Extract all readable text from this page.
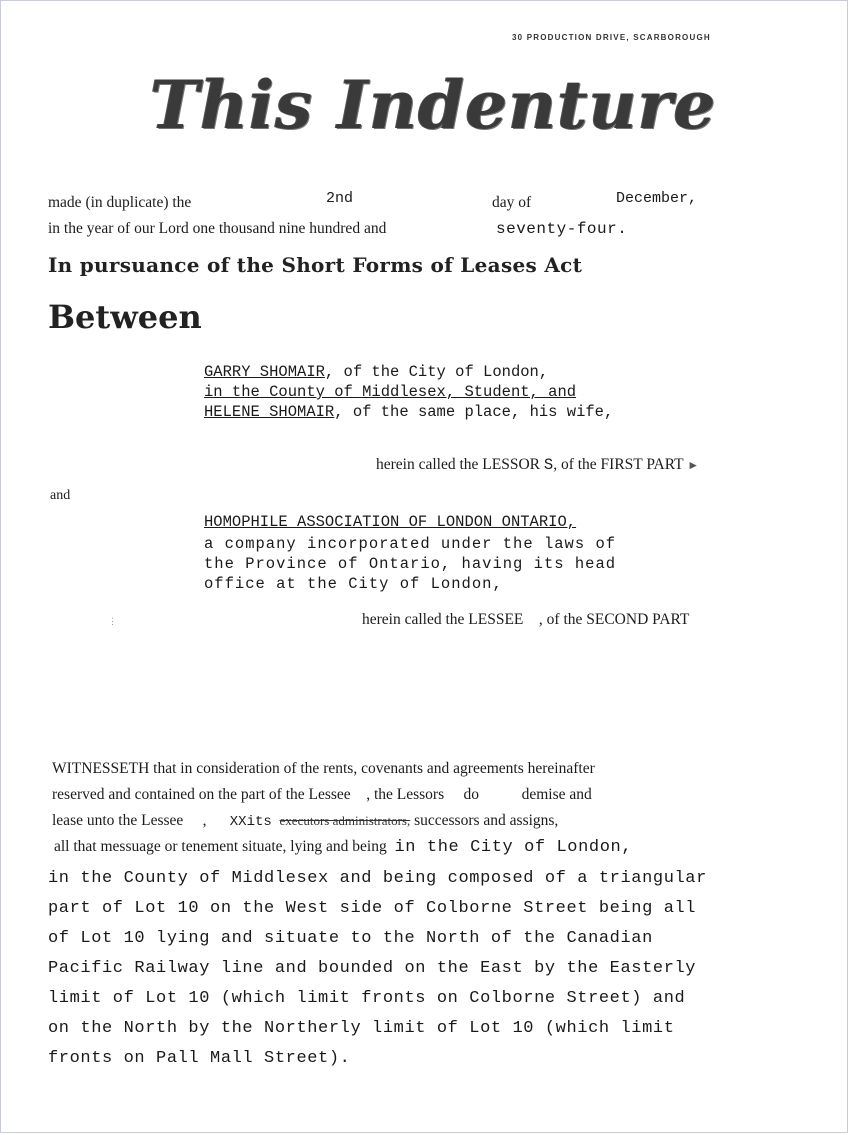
30 PRODUCTION DRIVE, SCARBOROUGH
This Indenture
made (in duplicate) the	2nd	day of	December,
in the year of our Lord one thousand nine hundred and	seventy-four.
In pursuance of the Short Forms of Leases Act
Between
GARRY SHOMAIR, of the City of London,
in the County of Middlesex, Student, and
HELENE SHOMAIR, of the same place, his wife,
herein called the LESSOR S, of the FIRST PART ►
and
HOMOPHILE ASSOCIATION OF LONDON ONTARIO,
a company incorporated under the laws of
the Province of Ontario, having its head
office at the City of London,
herein called the LESSEE , of the SECOND PART
⋮
WITNESSETH that in consideration of the rents, covenants and agreements hereinafter
reserved and contained on the part of the Lessee , the Lessors do	demise and
lease unto the Lessee , XXits executors administrators, successors and assigns,
all that messuage or tenement situate, lying and being in the City of London,
in the County of Middlesex and being composed of a triangular
part of Lot 10 on the West side of Colborne Street being all
of Lot 10 lying and situate to the North of the Canadian
Pacific Railway line and bounded on the East by the Easterly
limit of Lot 10 (which limit fronts on Colborne Street) and
on the North by the Northerly limit of Lot 10 (which limit
fronts on Pall Mall Street).
